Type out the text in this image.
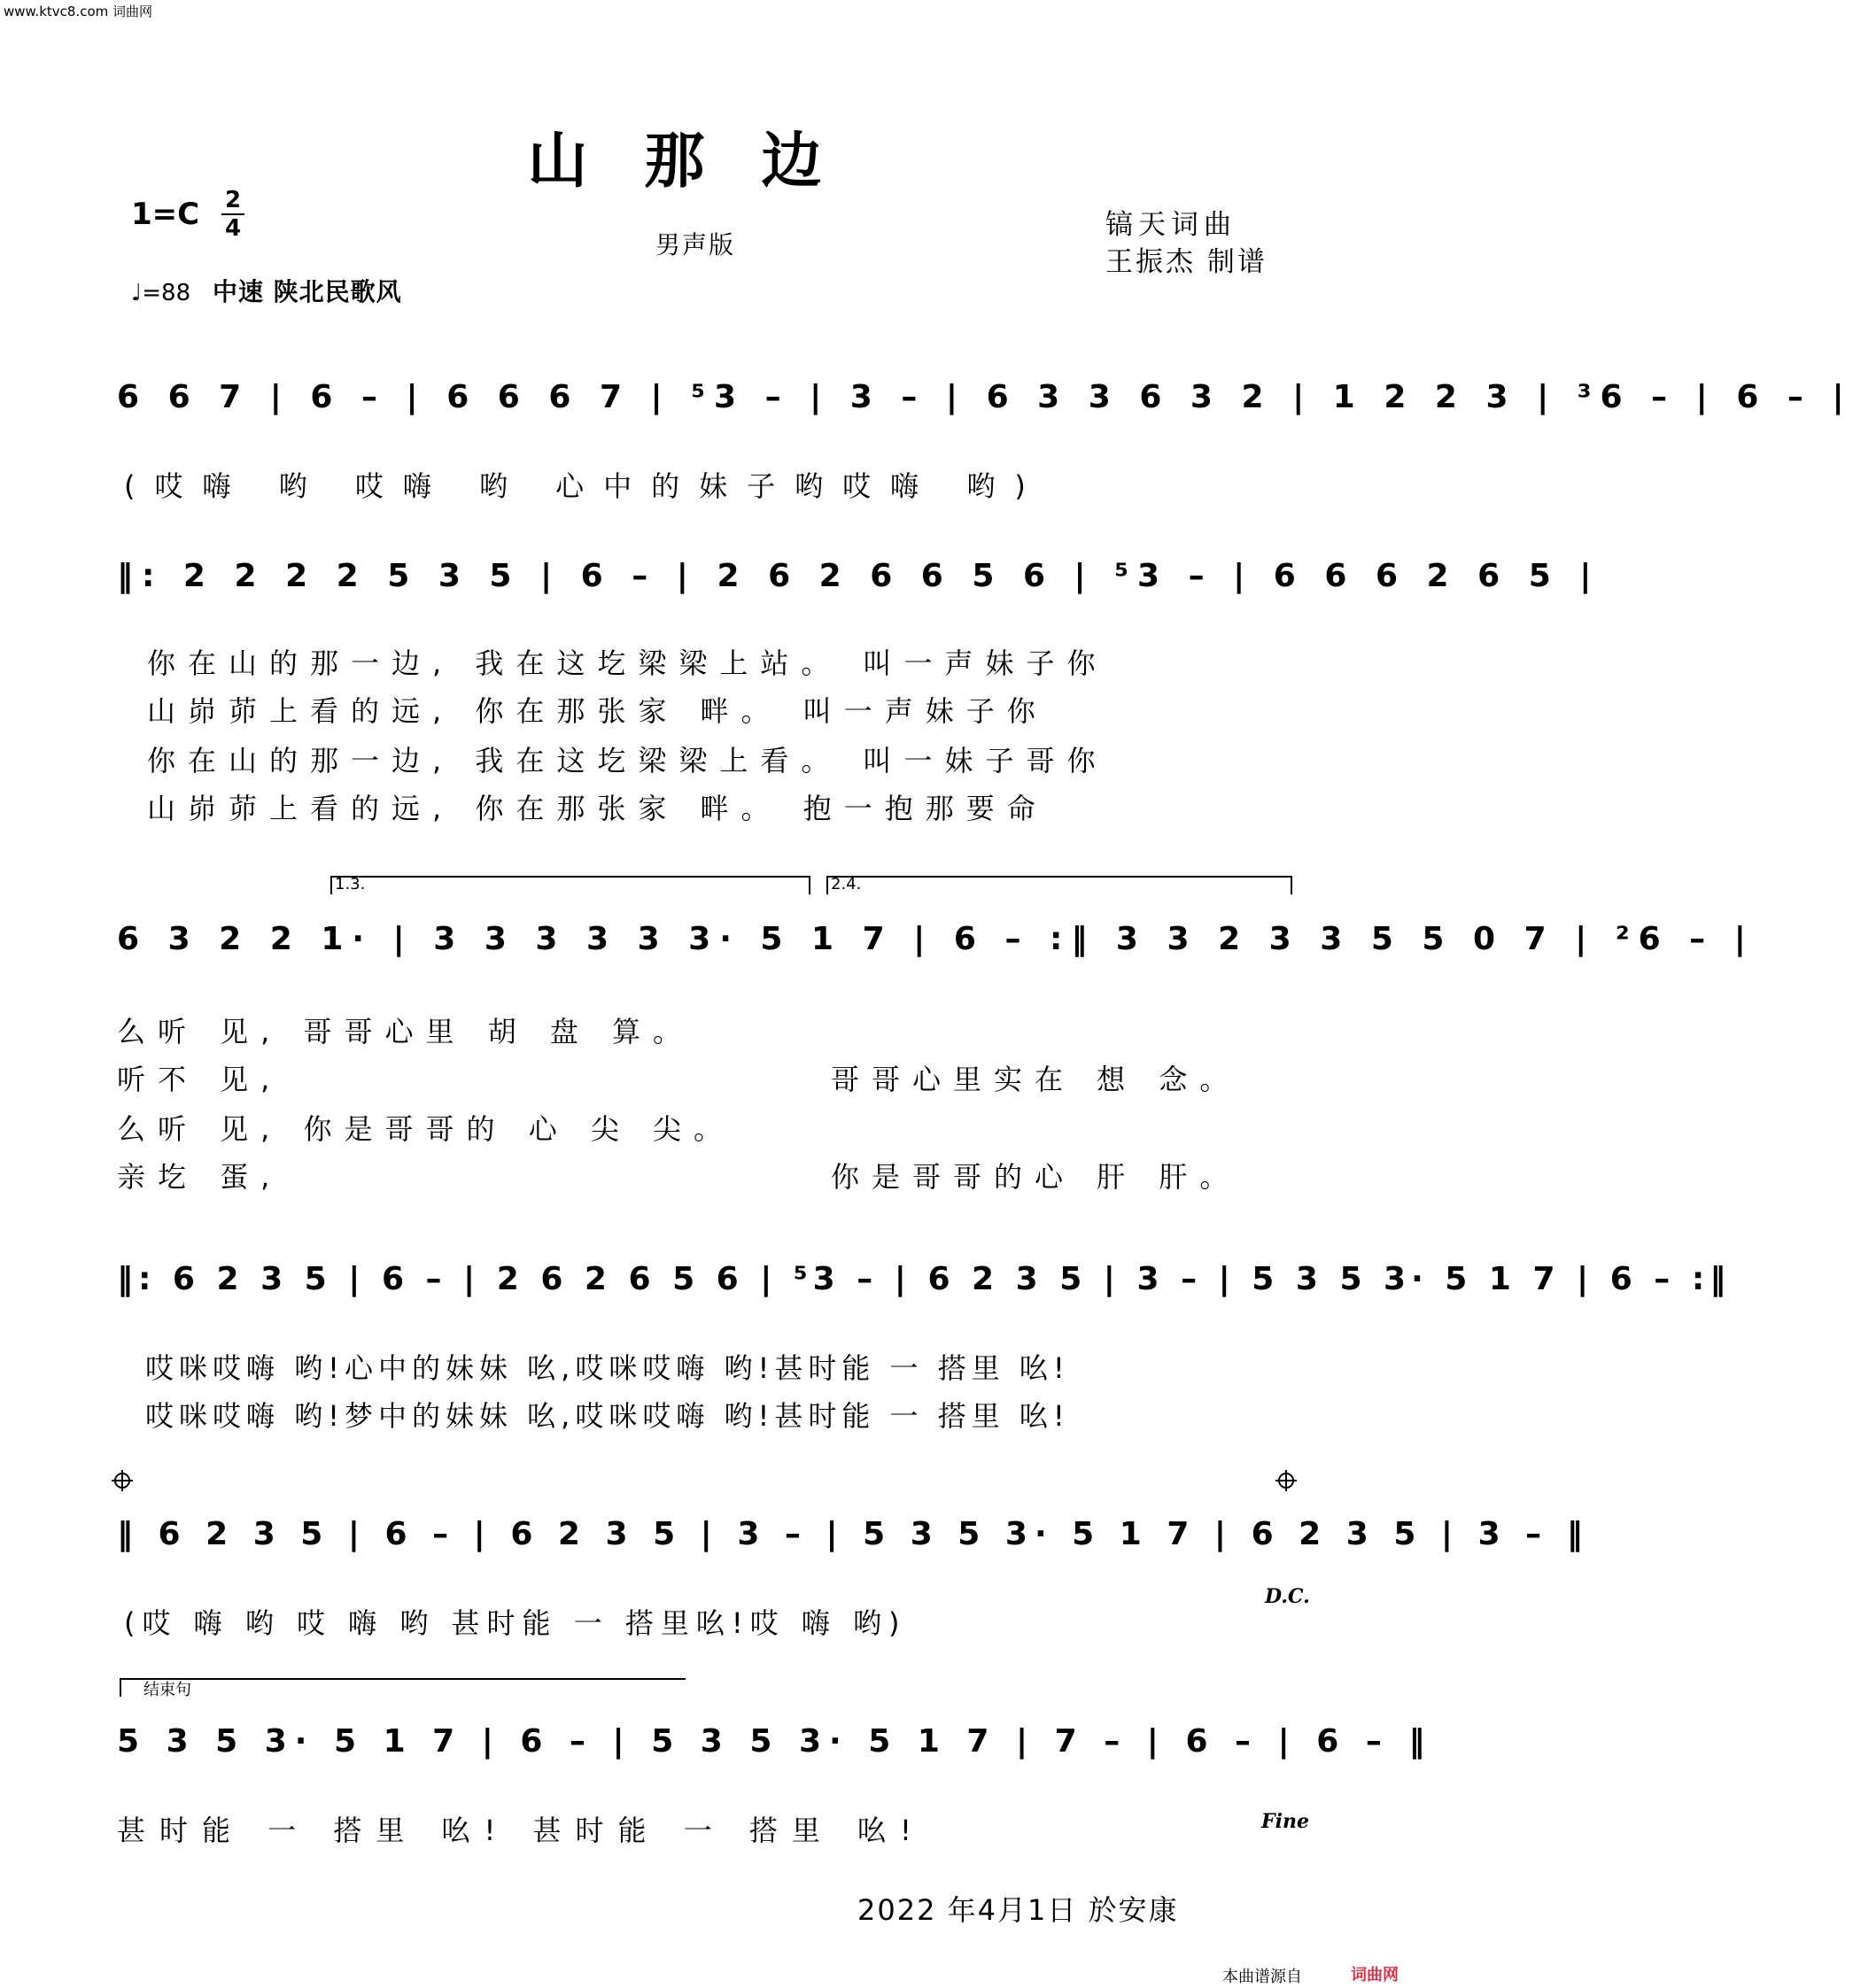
www.ktvc8.com 词曲网
山那边
1=C 2
4
男声版
镐天词曲
王振杰 制谱
♩=88 中速 陕北民歌风
6 6 7 | 6 – | 6 6 6 7 | ⁵3 – | 3 – | 6 3 3 6 3 2 | 1 2 2 3 | ³6 – | 6 – |
(哎嗨 哟 哎嗨 哟 心中的妹子哟哎嗨 哟)
‖: 2 2 2 2 5 3 5 | 6 – | 2 6 2 6 6 5 6 | ⁵3 – | 6 6 6 2 6 5 |
你在山的那一边, 我在这圪梁梁上站。 叫一声妹子你
山峁茆上看的远, 你在那张家 畔。 叫一声妹子你
你在山的那一边, 我在这圪梁梁上看。 叫一妹子哥你
山峁茆上看的远, 你在那张家 畔。 抱一抱那要命
1.3.	2.4.
6 3 2 2 1· | 3 3 3 3 3 3· 5 1 7 | 6 – :‖ 3 3 2 3 3 5 5 0 7 | ²6 – |
么听 见, 哥哥心里 胡 盘 算。
听不 见,	哥哥心里实在 想 念。
么听 见, 你是哥哥的 心 尖 尖。
亲圪 蛋,	你是哥哥的心 肝 肝。
‖: 6 2 3 5 | 6 – | 2 6 2 6 5 6 | ⁵3 – | 6 2 3 5 | 3 – | 5 3 5 3· 5 1 7 | 6 – :‖
哎咪哎嗨 哟!心中的妹妹 吆,哎咪哎嗨 哟!甚时能 一 搭里 吆!
哎咪哎嗨 哟!梦中的妹妹 吆,哎咪哎嗨 哟!甚时能 一 搭里 吆!
‖ 6 2 3 5 | 6 – | 6 2 3 5 | 3 – | 5 3 5 3· 5 1 7 | 6 2 3 5 | 3 – ‖
(哎 嗨 哟 哎 嗨 哟 甚时能 一 搭里吆!哎 嗨 哟)
D.C.
结束句
5 3 5 3· 5 1 7 | 6 – | 5 3 5 3· 5 1 7 | 7 – | 6 – | 6 – ‖
甚时能 一 搭里 吆! 甚时能 一 搭里 吆!	Fine
2022 年4月1日 於安康
本曲谱源自	词曲网
